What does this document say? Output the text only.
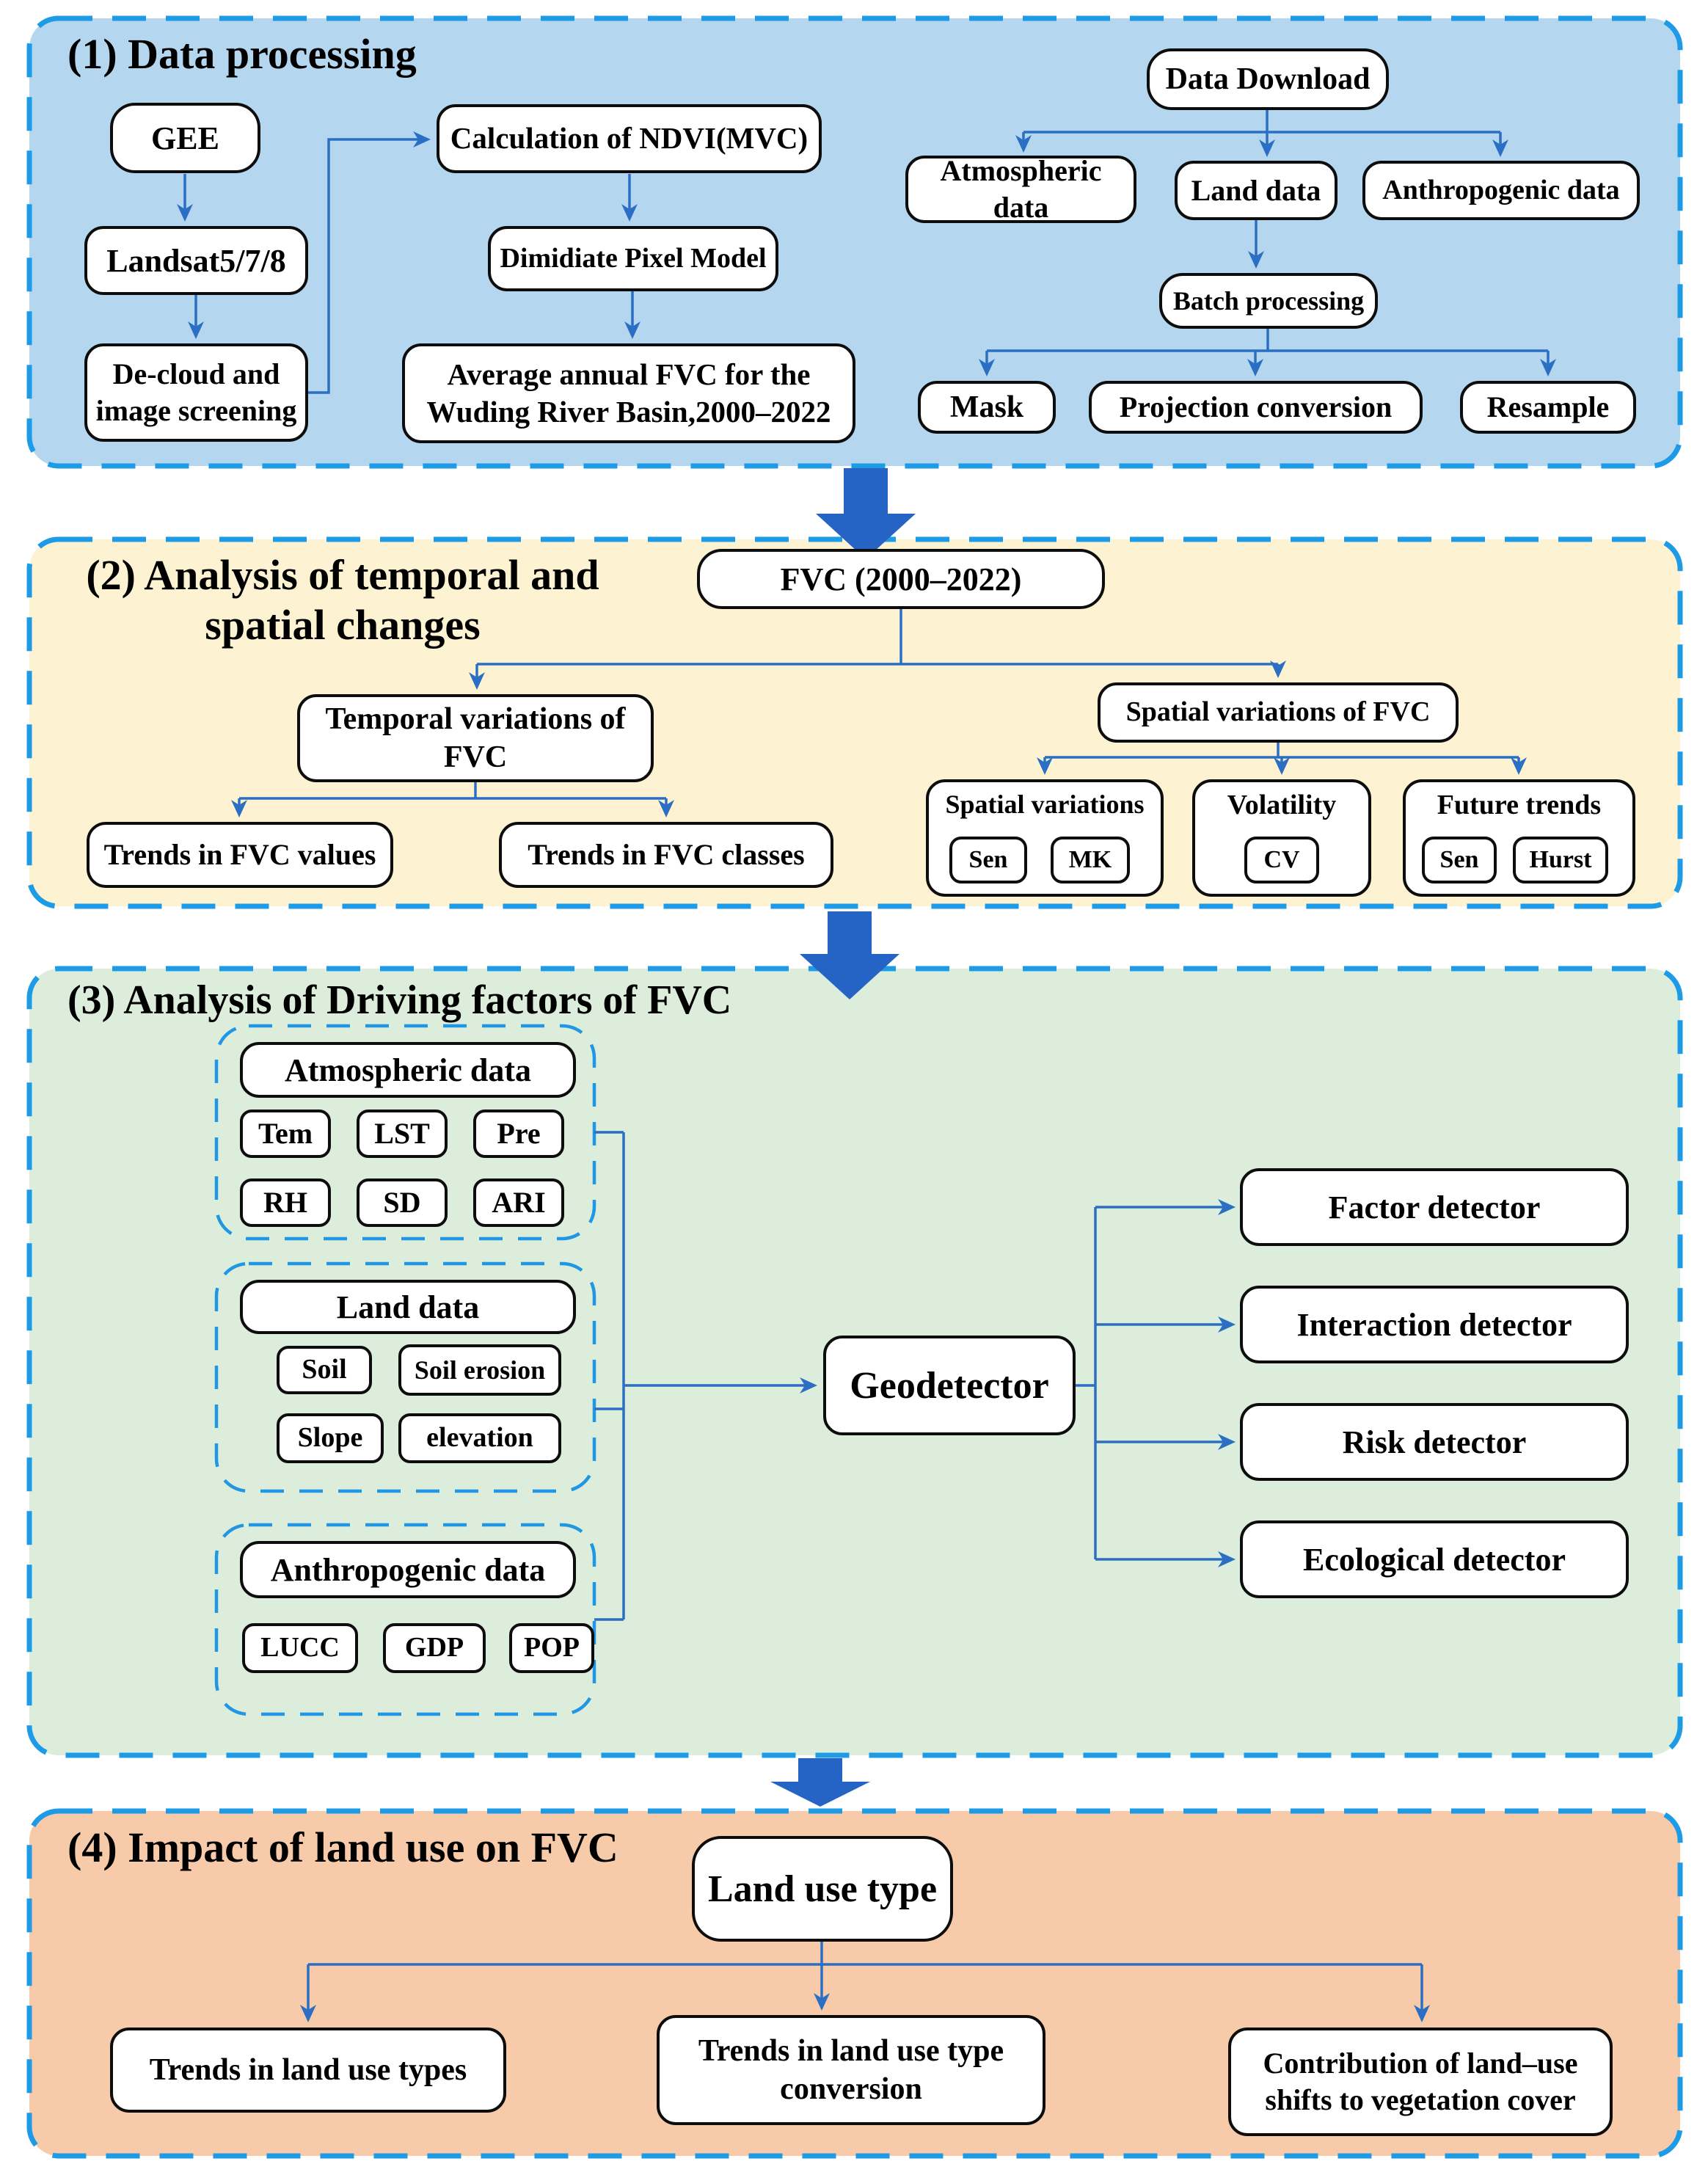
(1) Data processing
GEE	Calculation of NDVI(MVC)
Data Download
Landsat5/7/8	Dimidiate Pixel Model
Atmospheric data
Land data	Anthropogenic data
De-cloud and image screening
Average annual FVC for the Wuding River Basin,2000–2022
Batch processing
Mask	Projection conversion	Resample
(2) Analysis of temporal and
spatial changes
FVC (2000–2022)
Temporal variations of FVC
Spatial variations of FVC
Trends in FVC values	Trends in FVC classes
Spatial variations	Volatility	Future trends
Sen	MK	CV	Sen	Hurst
(3) Analysis of Driving factors of FVC
Atmospheric data
Tem	LST	Pre
RH	SD	ARI
Land data
Soil	Soil erosion
Slope	elevation
Anthropogenic data
LUCC	GDP	POP
Geodetector
Factor detector
Interaction detector
Risk detector
Ecological detector
(4) Impact of land use on FVC
Land use type
Trends in land use types
Trends in land use type conversion
Contribution of land–use shifts to vegetation cover
